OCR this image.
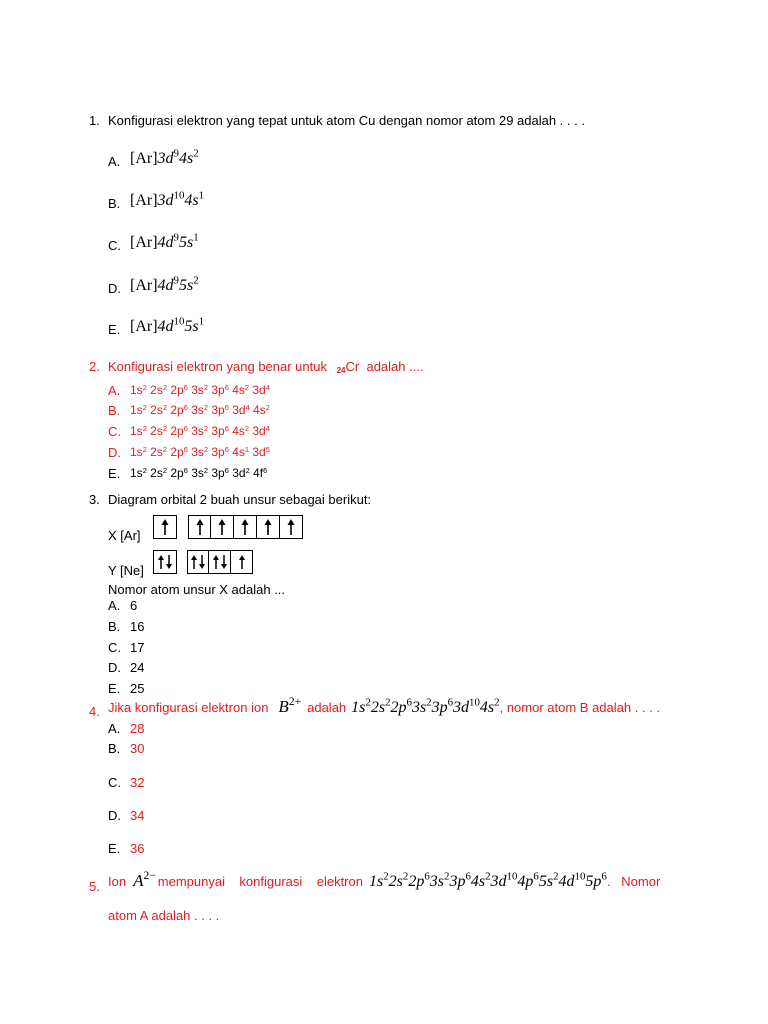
1. Konfigurasi elektron yang tepat untuk atom Cu dengan nomor atom 29 adalah . . . .
A. $[Ar]3d^94s^2$
B. $[Ar]3d^{10}4s^1$
C. $[Ar]4d^95s^1$
D. $[Ar]4d^95s^2$
E. $[Ar]4d^{10}5s^1$
2. Konfigurasi elektron yang benar untuk $_{24}$Cr adalah ....
A. $1s^2$ $2s^2$ $2p^6$ $3s^2$ $3p^6$ $4s^2$ $3d^4$
B. $1s^2$ $2s^2$ $2p^6$ $3s^2$ $3p^6$ $3d^4$ $4s^2$
C. $1s^2$ $2s^2$ $2p^6$ $3s^2$ $3p^6$ $4s^2$ $3d^4$
D. $1s^2$ $2s^2$ $2p^6$ $3s^2$ $3p^6$ $4s^1$ $3d^5$
E. $1s^2$ $2s^2$ $2p^6$ $3s^2$ $3p^6$ $3d^2$ $4f^6$
3. Diagram orbital 2 buah unsur sebagai berikut:
X [Ar]
Y [Ne]
Nomor atom unsur X adalah ...
A. 6
B. 16
C. 17
D. 24
E. 25
4. Jika konfigurasi elektron ion $B^{2+}$ adalah $1s^22s^22p^63s^23p^63d^{10}4s^2$ , nomor atom B adalah . . . .
A. 28
B. 30
C. 32
D. 34
E. 36
5. Ion $A^{2-}$ mempunyai    konfigurasi    elektron $1s^22s^22p^63s^23p^64s^23d^{10}4p^65s^24d^{10}5p^6$ .   Nomor
atom A adalah . . . .
